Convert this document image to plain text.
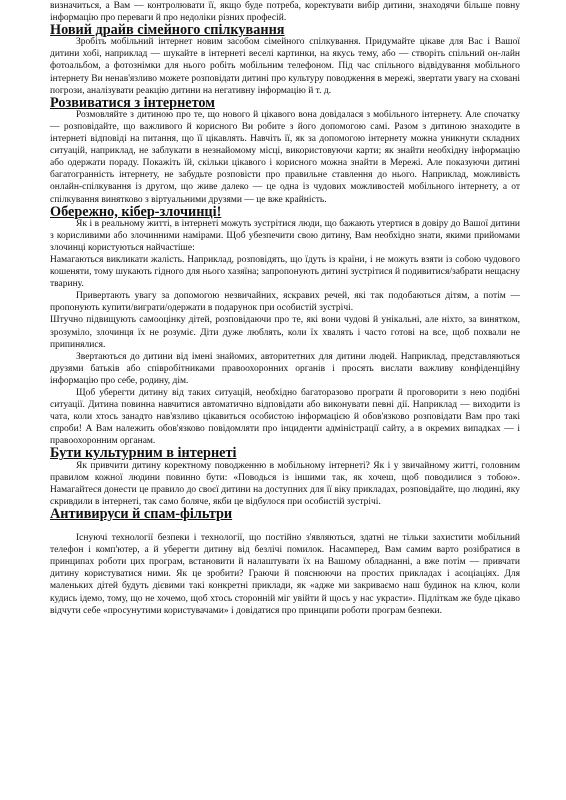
визначиться, а Вам — контролювати її, якщо буде потреба, коректувати вибір дитини, знаходячи більше повну інформацію про переваги й про недоліки різних професій.

Новий драйв сімейного спілкування

Зробіть мобільний інтернет новим засобом сімейного спілкування. Придумайте цікаве для Вас і Вашої дитини хобі, наприклад — шукайте в інтернеті веселі картинки, на якусь тему, або — створіть спільний он-лайн фотоальбом, а фотознімки для нього робіть мобільним телефоном. Під час спільного відвідування мобільного інтернету Ви ненав'язливо можете розповідати дитині про культуру поводження в мережі, звертати увагу на сховані погрози, аналізувати реакцію дитини на негативну інформацію й т. д.

Розвиватися з інтернетом

Розмовляйте з дитиною про те, що нового й цікавого вона довідалася з мобільного інтернету. Але спочатку — розповідайте, що важливого й корисного Ви робите з його допомогою самі. Разом з дитиною знаходите в інтернеті відповіді на питання, що її цікавлять. Навчіть її, як за допомогою інтернету можна уникнути складних ситуацій, наприклад, не заблукати в незнайомому місці, використовуючи карти; як знайти необхідну інформацію або одержати пораду. Покажіть їй, скільки цікавого і корисного можна знайти в Мережі. Але показуючи дитині багатогранність інтернету, не забудьте розповісти про правильне ставлення до нього. Наприклад, можливість онлайн-спілкування із другом, що живе далеко — це одна із чудових можливостей мобільного інтернету, а от спілкування винятково з віртуальними друзями — це вже крайність.

Обережно, кібер-злочинці!

Як і в реальному житті, в інтернеті можуть зустрітися люди, що бажають утертися в довіру до Вашої дитини з корисливими або злочинними намірами. Щоб убезпечити свою дитину, Вам необхідно знати, якими прийомами злочинці користуються найчастіше:

Намагаються викликати жалість. Наприклад, розповідять, що їдуть із країни, і не можуть взяти із собою чудового кошеняти, тому шукають гідного для нього хазяїна; запропонують дитині зустрітися й подивитися/забрати нещасну тварину.

Привертають увагу за допомогою незвичайних, яскравих речей, які так подобаються дітям, а потім — пропонують купити/виграти/одержати в подарунок при особистій зустрічі.

Штучно підвищують самооцінку дітей, розповідаючи про те, які вони чудові й унікальні, але ніхто, за винятком, зрозуміло, злочинця їх не розуміє. Діти дуже люблять, коли їх хвалять і часто готові на все, щоб похвали не припинялися.

Звертаються до дитини від імені знайомих, авторитетних для дитини людей. Наприклад, представляються друзями батьків або співробітниками правоохоронних органів і просять вислати важливу конфіденційну інформацію про себе, родину, дім.

Щоб уберегти дитину від таких ситуацій, необхідно багаторазово програти й проговорити з нею подібні ситуації. Дитина повинна навчитися автоматично відповідати або виконувати певні дії. Наприклад — виходити із чата, коли хтось занадто нав'язливо цікавиться особистою інформацією й обов'язково розповідати Вам про такі спроби! А Вам належить обов'язково повідомляти про інциденти адміністрації сайту, а в окремих випадках — і правоохоронним органам.

Бути культурним в інтернеті

Як привчити дитину коректному поводженню в мобільному інтернеті? Як і у звичайному житті, головним правилом кожної людини повинно бути: «Поводься із іншими так, як хочеш, щоб поводилися з тобою». Намагайтеся донести це правило до своєї дитини на доступних для її віку прикладах, розповідайте, що людині, яку скривдили в інтернеті, так само боляче, якби це відбулося при особистій зустрічі.

Антивируси й спам-фільтри

Існуючі технології безпеки і технології, що постійно з'являються, здатні не тільки захистити мобільний телефон і комп'ютер, а й уберегти дитину від безлічі помилок. Насамперед, Вам самим варто розібратися в принципах роботи цих програм, встановити й налаштувати їх на Вашому обладнанні, а вже потім — привчати дитину користуватися ними. Як це зробити? Граючи й пояснюючи на простих прикладах і асоціаціях. Для маленьких дітей будуть дієвими такі конкретні приклади, як «адже ми закриваємо наш будинок на ключ, коли кудись ідемо, тому, що не хочемо, щоб хтось сторонній міг увійти й щось у нас украсти». Підліткам же буде цікаво відчути себе «просунутими користувачами» і довідатися про принципи роботи програм безпеки.
